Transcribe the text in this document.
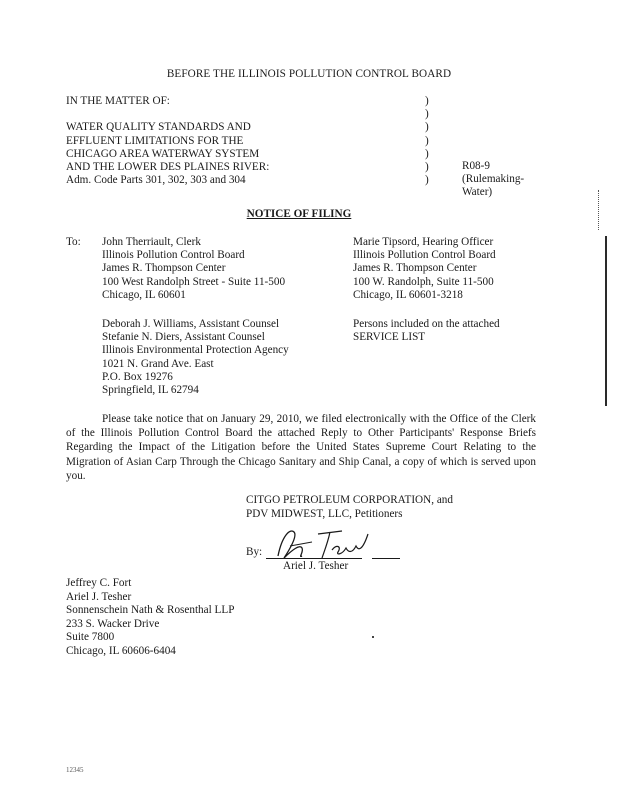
BEFORE THE ILLINOIS POLLUTION CONTROL BOARD
IN THE MATTER OF:
WATER QUALITY STANDARDS AND
EFFLUENT LIMITATIONS FOR THE
CHICAGO AREA WATERWAY SYSTEM
AND THE LOWER DES PLAINES RIVER:
Adm. Code Parts 301, 302, 303 and 304
)
)
)
)
)
)
)
R08-9
(Rulemaking-
Water)
NOTICE OF FILING
To: John Therriault, Clerk
Illinois Pollution Control Board
James R. Thompson Center
100 West Randolph Street - Suite 11-500
Chicago, IL 60601
Marie Tipsord, Hearing Officer
Illinois Pollution Control Board
James R. Thompson Center
100 W. Randolph, Suite 11-500
Chicago, IL 60601-3218
Deborah J. Williams, Assistant Counsel
Stefanie N. Diers, Assistant Counsel
Illinois Environmental Protection Agency
1021 N. Grand Ave. East
P.O. Box 19276
Springfield, IL 62794
Persons included on the attached
SERVICE LIST
Please take notice that on January 29, 2010, we filed electronically with the Office of the Clerk of the Illinois Pollution Control Board the attached Reply to Other Participants' Response Briefs Regarding the Impact of the Litigation before the United States Supreme Court Relating to the Migration of Asian Carp Through the Chicago Sanitary and Ship Canal, a copy of which is served upon you.
CITGO PETROLEUM CORPORATION, and
PDV MIDWEST, LLC, Petitioners
By:
Ariel J. Tesher
Jeffrey C. Fort
Ariel J. Tesher
Sonnenschein Nath & Rosenthal LLP
233 S. Wacker Drive
Suite 7800
Chicago, IL 60606-6404
12345
